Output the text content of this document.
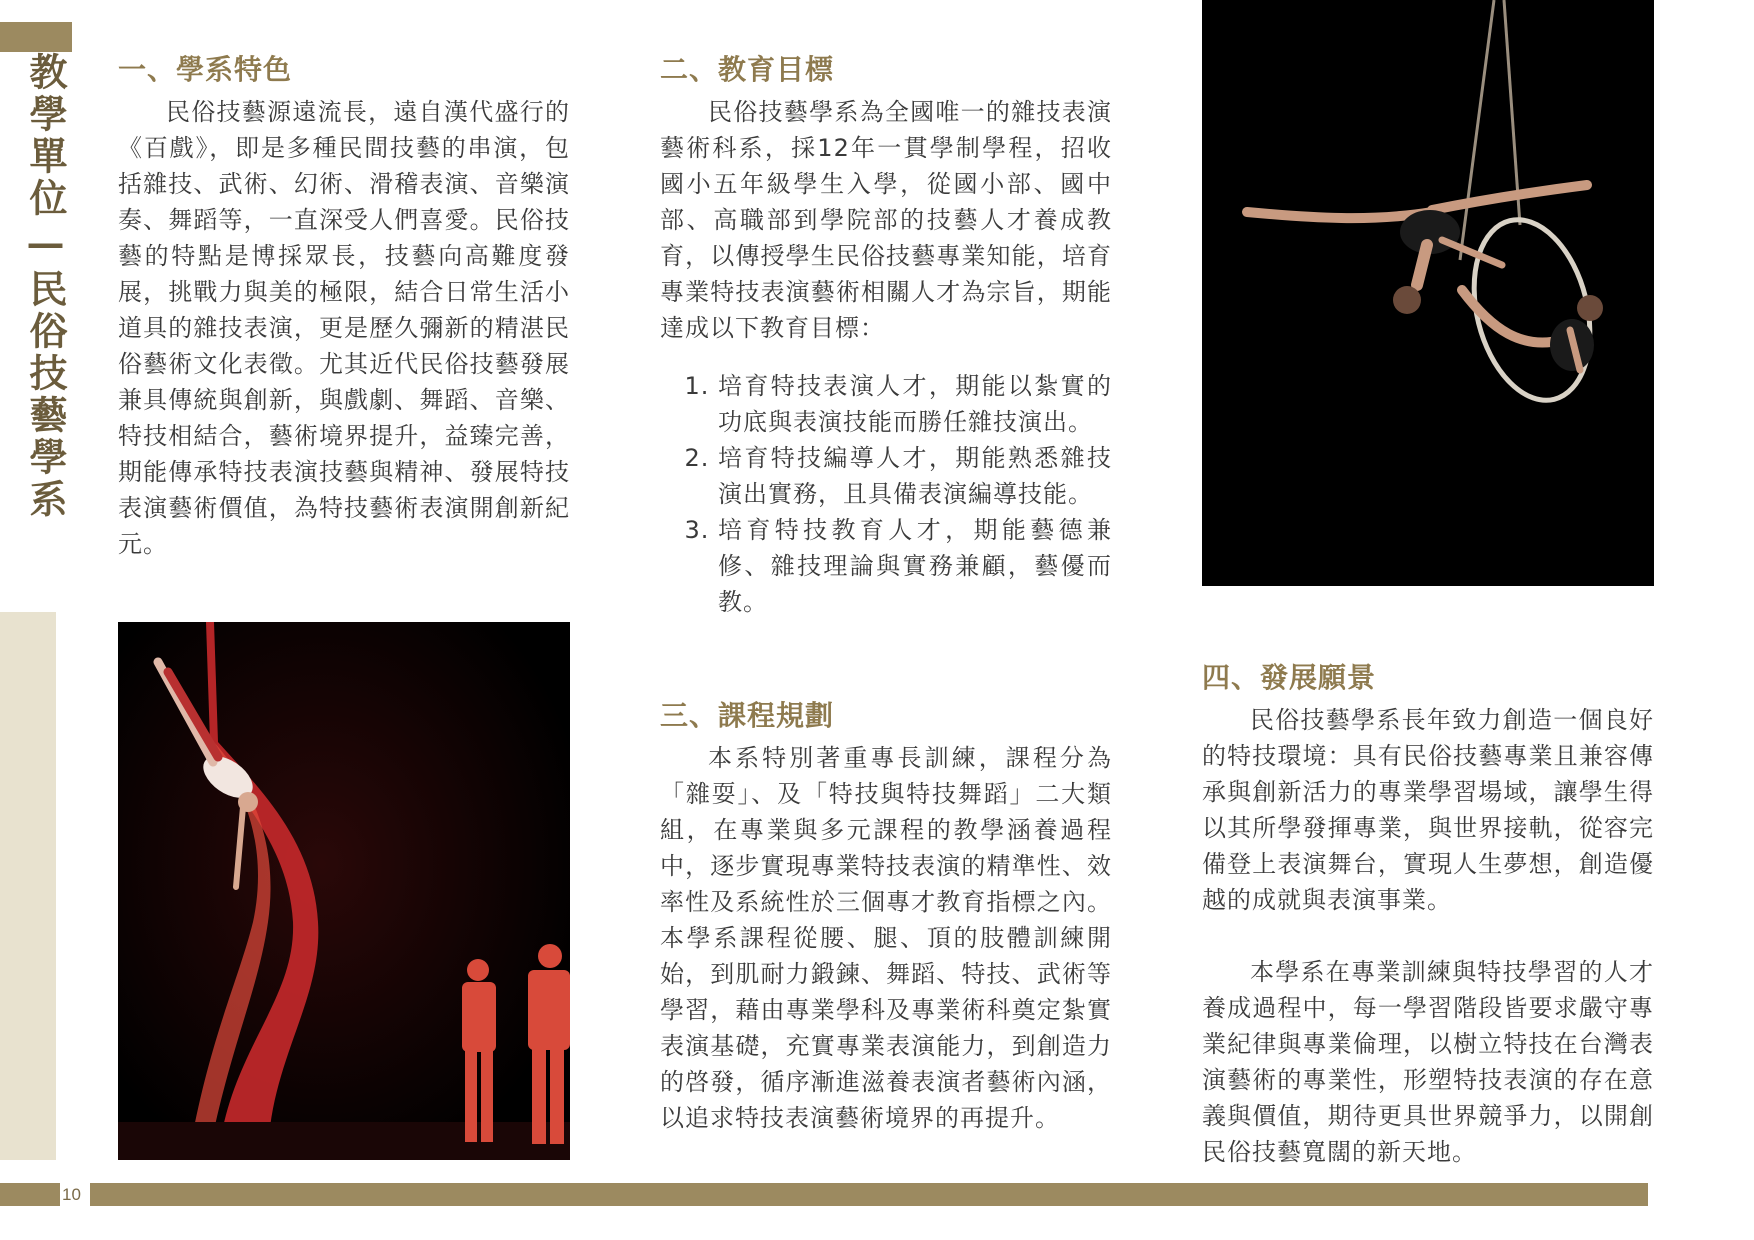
教學單位—民俗技藝學系
10
一、學系特色

民俗技藝源遠流長，遠自漢代盛行的《百戲》，即是多種民間技藝的串演，包括雜技、武術、幻術、滑稽表演、音樂演奏、舞蹈等，一直深受人們喜愛。民俗技藝的特點是博採眾長，技藝向高難度發展，挑戰力與美的極限，結合日常生活小道具的雜技表演，更是歷久彌新的精湛民俗藝術文化表徵。尤其近代民俗技藝發展兼具傳統與創新，與戲劇、舞蹈、音樂、特技相結合，藝術境界提升，益臻完善，期能傳承特技表演技藝與精神、發展特技表演藝術價值，為特技藝術表演開創新紀元。

二、教育目標

民俗技藝學系為全國唯一的雜技表演藝術科系，採12年一貫學制學程，招收國小五年級學生入學，從國小部、國中部、高職部到學院部的技藝人才養成教育，以傳授學生民俗技藝專業知能，培育專業特技表演藝術相關人才為宗旨，期能達成以下教育目標：

1. 培育特技表演人才，期能以紮實的功底與表演技能而勝任雜技演出。
2. 培育特技編導人才，期能熟悉雜技演出實務，且具備表演編導技能。
3. 培育特技教育人才，期能藝德兼修、雜技理論與實務兼顧，藝優而教。
三、課程規劃

本系特別著重專長訓練，課程分為「雜耍」、及「特技與特技舞蹈」二大類組，在專業與多元課程的教學涵養過程中，逐步實現專業特技表演的精準性、效率性及系統性於三個專才教育指標之內。本學系課程從腰、腿、頂的肢體訓練開始，到肌耐力鍛鍊、舞蹈、特技、武術等學習，藉由專業學科及專業術科奠定紮實表演基礎，充實專業表演能力，到創造力的啓發，循序漸進滋養表演者藝術內涵，以追求特技表演藝術境界的再提升。

四、發展願景

民俗技藝學系長年致力創造一個良好的特技環境：具有民俗技藝專業且兼容傳承與創新活力的專業學習場域，讓學生得以其所學發揮專業，與世界接軌，從容完備登上表演舞台，實現人生夢想，創造優越的成就與表演事業。

本學系在專業訓練與特技學習的人才養成過程中，每一學習階段皆要求嚴守專業紀律與專業倫理，以樹立特技在台灣表演藝術的專業性，形塑特技表演的存在意義與價值，期待更具世界競爭力，以開創民俗技藝寬闊的新天地。
